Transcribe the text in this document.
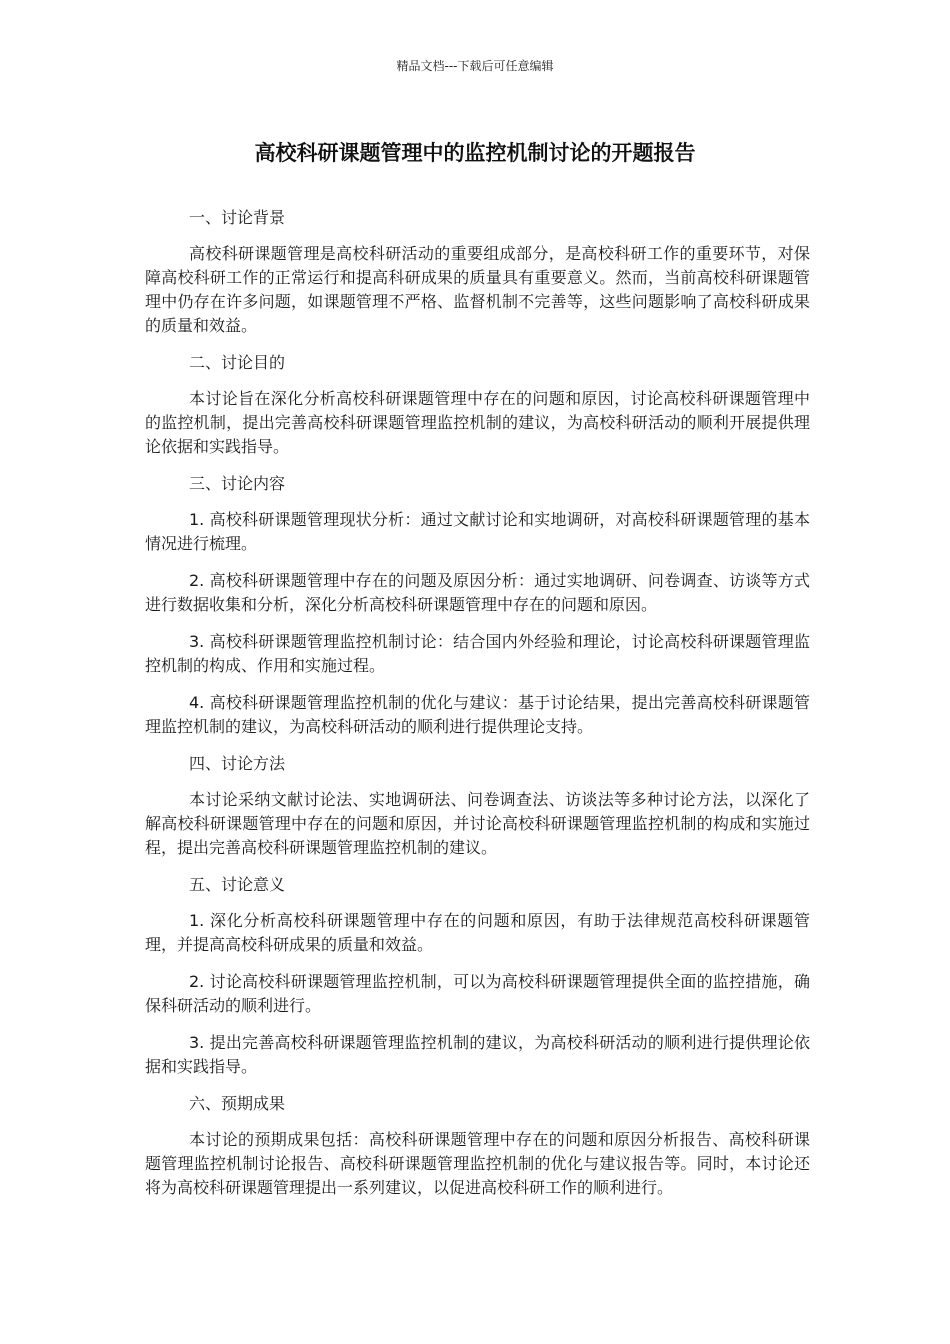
精品文档---下载后可任意编辑
高校科研课题管理中的监控机制讨论的开题报告

一、讨论背景

高校科研课题管理是高校科研活动的重要组成部分，是高校科研工作的重要环节，对保障高校科研工作的正常运行和提高科研成果的质量具有重要意义。然而，当前高校科研课题管理中仍存在许多问题，如课题管理不严格、监督机制不完善等，这些问题影响了高校科研成果的质量和效益。

二、讨论目的

本讨论旨在深化分析高校科研课题管理中存在的问题和原因，讨论高校科研课题管理中的监控机制，提出完善高校科研课题管理监控机制的建议，为高校科研活动的顺利开展提供理论依据和实践指导。

三、讨论内容

1. 高校科研课题管理现状分析：通过文献讨论和实地调研，对高校科研课题管理的基本情况进行梳理。

2. 高校科研课题管理中存在的问题及原因分析：通过实地调研、问卷调查、访谈等方式进行数据收集和分析，深化分析高校科研课题管理中存在的问题和原因。

3. 高校科研课题管理监控机制讨论：结合国内外经验和理论，讨论高校科研课题管理监控机制的构成、作用和实施过程。

4. 高校科研课题管理监控机制的优化与建议：基于讨论结果，提出完善高校科研课题管理监控机制的建议，为高校科研活动的顺利进行提供理论支持。

四、讨论方法

本讨论采纳文献讨论法、实地调研法、问卷调查法、访谈法等多种讨论方法，以深化了解高校科研课题管理中存在的问题和原因，并讨论高校科研课题管理监控机制的构成和实施过程，提出完善高校科研课题管理监控机制的建议。

五、讨论意义

1. 深化分析高校科研课题管理中存在的问题和原因，有助于法律规范高校科研课题管理，并提高高校科研成果的质量和效益。

2. 讨论高校科研课题管理监控机制，可以为高校科研课题管理提供全面的监控措施，确保科研活动的顺利进行。

3. 提出完善高校科研课题管理监控机制的建议，为高校科研活动的顺利进行提供理论依据和实践指导。

六、预期成果

本讨论的预期成果包括：高校科研课题管理中存在的问题和原因分析报告、高校科研课题管理监控机制讨论报告、高校科研课题管理监控机制的优化与建议报告等。同时，本讨论还将为高校科研课题管理提出一系列建议，以促进高校科研工作的顺利进行。
